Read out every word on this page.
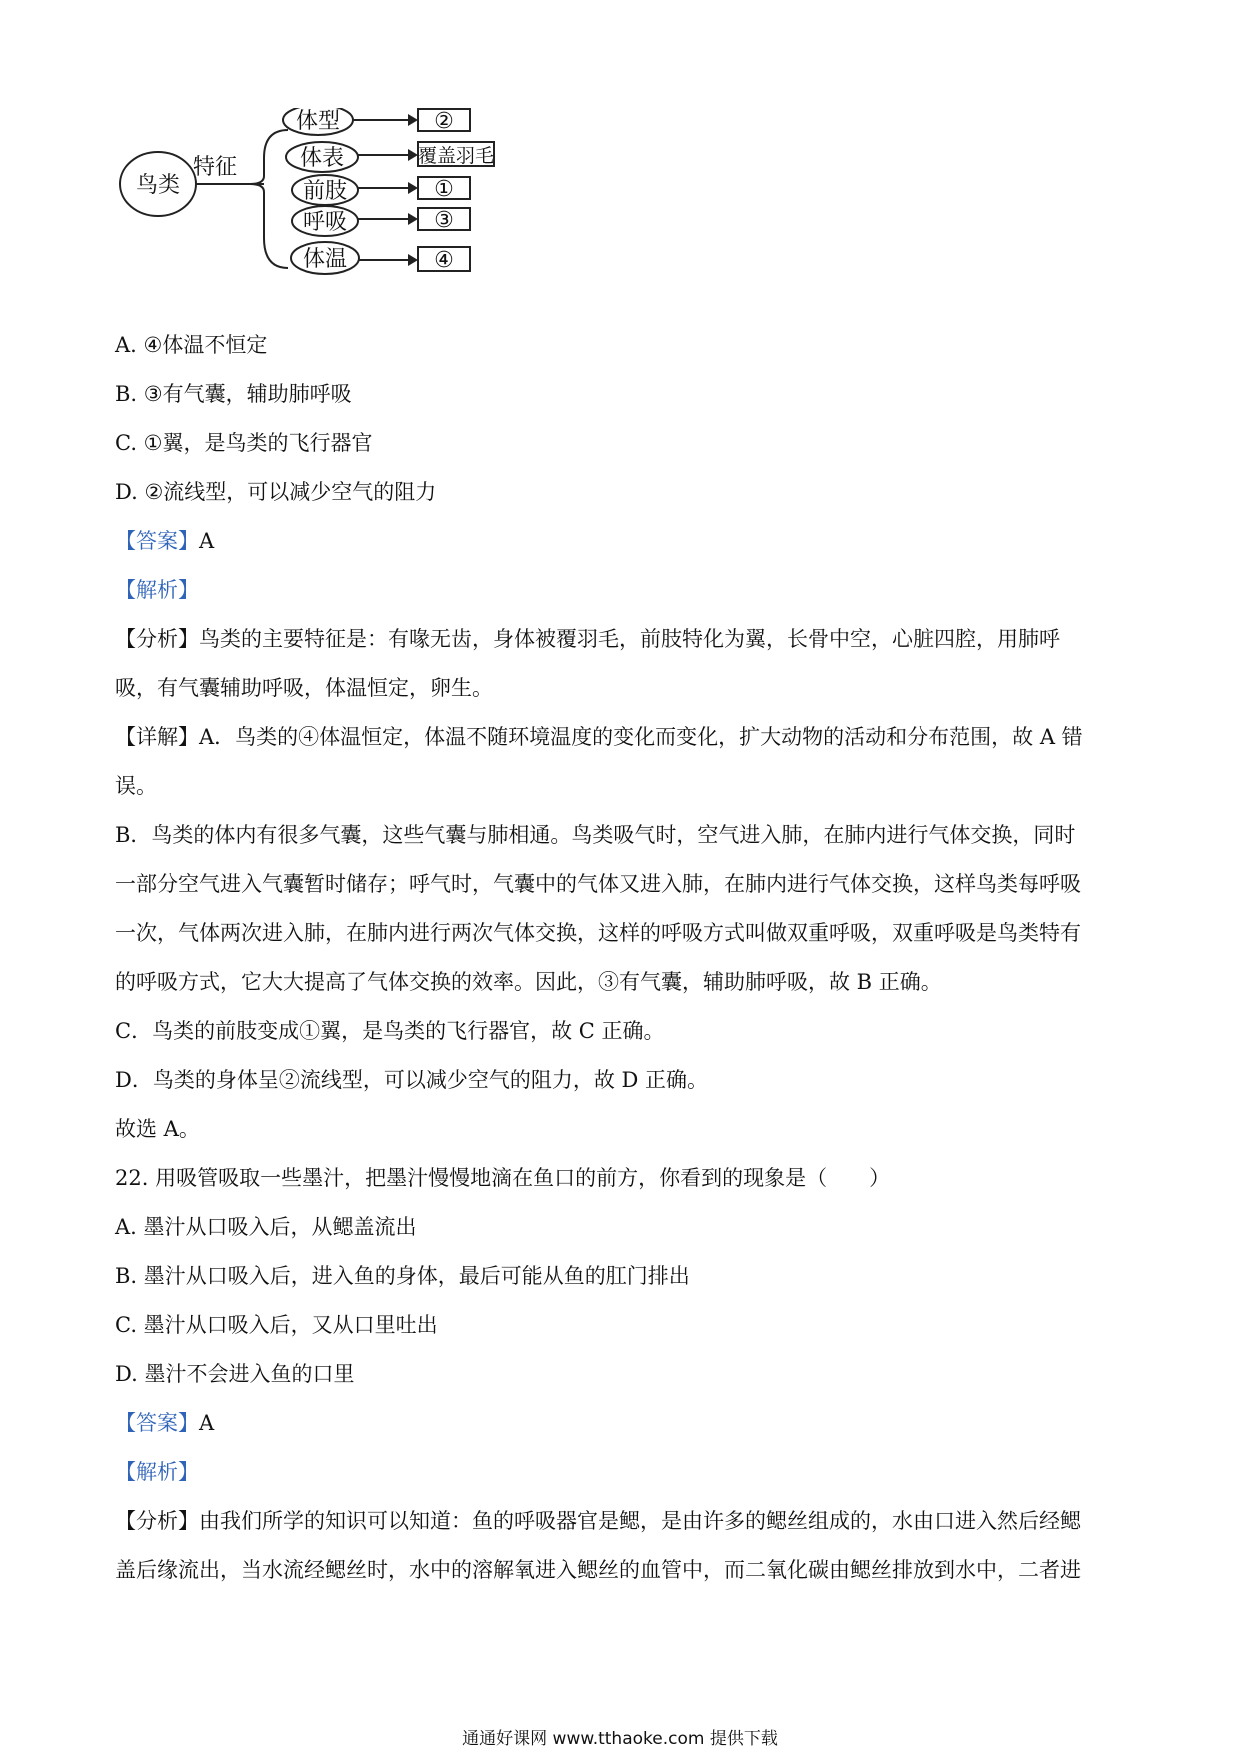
鸟类
特征
体型	②
体表	覆盖羽毛
前肢	①
呼吸	③
体温	④
A. ④体温不恒定
B. ③有气囊，辅助肺呼吸
C. ①翼，是鸟类的飞行器官
D. ②流线型，可以减少空气的阻力
【答案】A
【解析】
【分析】鸟类的主要特征是：有喙无齿，身体被覆羽毛，前肢特化为翼，长骨中空，心脏四腔，用肺呼
吸，有气囊辅助呼吸，体温恒定，卵生。
【详解】A．鸟类的④体温恒定，体温不随环境温度的变化而变化，扩大动物的活动和分布范围，故 A 错
误。
B．鸟类的体内有很多气囊，这些气囊与肺相通。鸟类吸气时，空气进入肺，在肺内进行气体交换，同时
一部分空气进入气囊暂时储存；呼气时，气囊中的气体又进入肺，在肺内进行气体交换，这样鸟类每呼吸
一次，气体两次进入肺，在肺内进行两次气体交换，这样的呼吸方式叫做双重呼吸，双重呼吸是鸟类特有
的呼吸方式，它大大提高了气体交换的效率。因此，③有气囊，辅助肺呼吸，故 B 正确。
C．鸟类的前肢变成①翼，是鸟类的飞行器官，故 C 正确。
D．鸟类的身体呈②流线型，可以减少空气的阻力，故 D 正确。
故选 A。
22. 用吸管吸取一些墨汁，把墨汁慢慢地滴在鱼口的前方，你看到的现象是（　　）
A. 墨汁从口吸入后，从鳃盖流出
B. 墨汁从口吸入后，进入鱼的身体，最后可能从鱼的肛门排出
C. 墨汁从口吸入后，又从口里吐出
D. 墨汁不会进入鱼的口里
【答案】A
【解析】
【分析】由我们所学的知识可以知道：鱼的呼吸器官是鳃，是由许多的鳃丝组成的，水由口进入然后经鳃
盖后缘流出，当水流经鳃丝时，水中的溶解氧进入鳃丝的血管中，而二氧化碳由鳃丝排放到水中，二者进
通通好课网 www.tthaoke.com 提供下载
